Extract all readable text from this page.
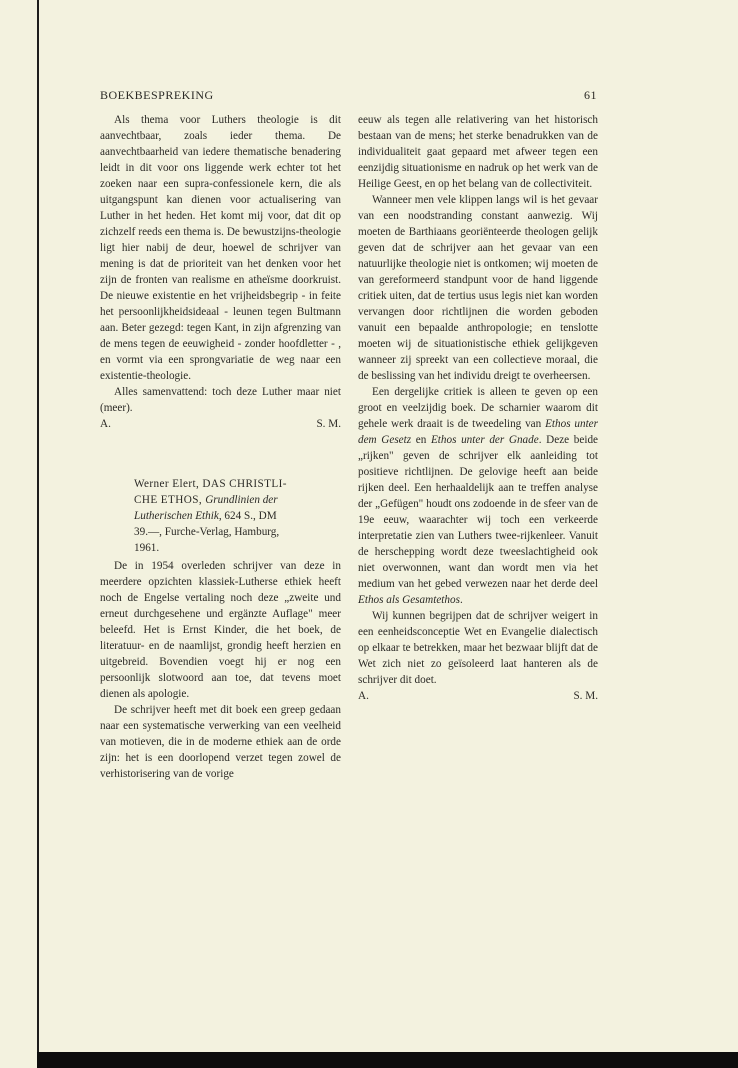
BOEKBESPREKING	61

Als thema voor Luthers theologie is dit aanvechtbaar, zoals ieder thema. De aanvechtbaarheid van iedere thematische benadering leidt in dit voor ons liggende werk echter tot het zoeken naar een supra-confessionele kern, die als uitgangspunt kan dienen voor actualisering van Luther in het heden. Het komt mij voor, dat dit op zichzelf reeds een thema is. De bewustzijns-theologie ligt hier nabij de deur, hoewel de schrijver van mening is dat de prioriteit van het denken voor het zijn de fronten van realisme en atheïsme doorkruist. De nieuwe existentie en het vrijheidsbegrip - in feite het persoonlijkheidsideaal - leunen tegen Bultmann aan. Beter gezegd: tegen Kant, in zijn afgrenzing van de mens tegen de eeuwigheid - zonder hoofdletter - , en vormt via een sprongvariatie de weg naar een existentie-theologie.

Alles samenvattend: toch deze Luther maar niet (meer).

A.	S. M.
Werner Elert, DAS CHRISTLI-
CHE ETHOS, Grundlinien der
Lutherischen Ethik, 624 S., DM
39.—, Furche-Verlag, Hamburg,
1961.

De in 1954 overleden schrijver van deze in meerdere opzichten klassiek-Lutherse ethiek heeft noch de Engelse vertaling noch deze „zweite und erneut durchgesehene und ergänzte Auflage" meer beleefd. Het is Ernst Kinder, die het boek, de literatuur- en de naamlijst, grondig heeft herzien en uitgebreid. Bovendien voegt hij er nog een persoonlijk slotwoord aan toe, dat tevens moet dienen als apologie.

De schrijver heeft met dit boek een greep gedaan naar een systematische verwerking van een veelheid van motieven, die in de moderne ethiek aan de orde zijn: het is een doorlopend verzet tegen zowel de verhistorisering van de vorige

eeuw als tegen alle relativering van het historisch bestaan van de mens; het sterke benadrukken van de individualiteit gaat gepaard met afweer tegen een eenzijdig situationisme en nadruk op het werk van de Heilige Geest, en op het belang van de collectiviteit.

Wanneer men vele klippen langs wil is het gevaar van een noodstranding constant aanwezig. Wij moeten de Barthiaans georiënteerde theologen gelijk geven dat de schrijver aan het gevaar van een natuurlijke theologie niet is ontkomen; wij moeten de van gereformeerd standpunt voor de hand liggende critiek uiten, dat de tertius usus legis niet kan worden vervangen door richtlijnen die worden geboden vanuit een bepaalde anthropologie; en tenslotte moeten wij de situationistische ethiek gelijkgeven wanneer zij spreekt van een collectieve moraal, die de beslissing van het individu dreigt te overheersen.

Een dergelijke critiek is alleen te geven op een groot en veelzijdig boek. De scharnier waarom dit gehele werk draait is de tweedeling van Ethos unter dem Gesetz en Ethos unter der Gnade. Deze beide „rijken" geven de schrijver elk aanleiding tot positieve richtlijnen. De gelovige heeft aan beide rijken deel. Een herhaaldelijk aan te treffen analyse der „Gefügen" houdt ons zodoende in de sfeer van de 19e eeuw, waarachter wij toch een verkeerde interpretatie zien van Luthers twee-rijkenleer. Vanuit de herschepping wordt deze tweeslachtigheid ook niet overwonnen, want dan wordt men via het medium van het gebed verwezen naar het derde deel Ethos als Gesamtethos.

Wij kunnen begrijpen dat de schrijver weigert in een eenheidsconceptie Wet en Evangelie dialectisch op elkaar te betrekken, maar het bezwaar blijft dat de Wet zich niet zo geïsoleerd laat hanteren als de schrijver dit doet.

A.	S. M.
